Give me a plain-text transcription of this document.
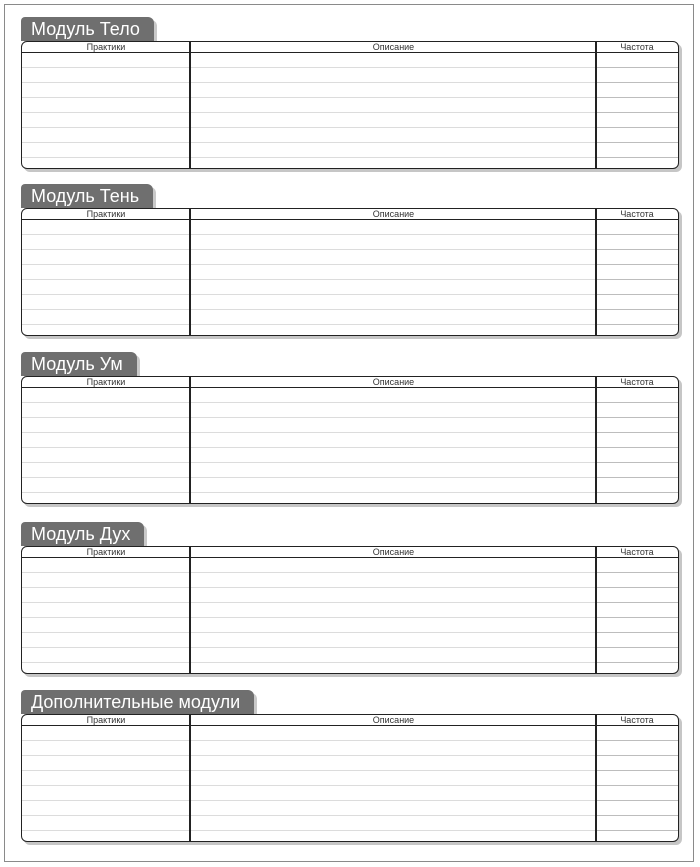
Модуль Тело
Практики	Описание	Частота
Модуль Тень
Практики	Описание	Частота
Модуль Ум
Практики	Описание	Частота
Модуль Дух
Практики	Описание	Частота
Дополнительные модули
Практики	Описание	Частота
